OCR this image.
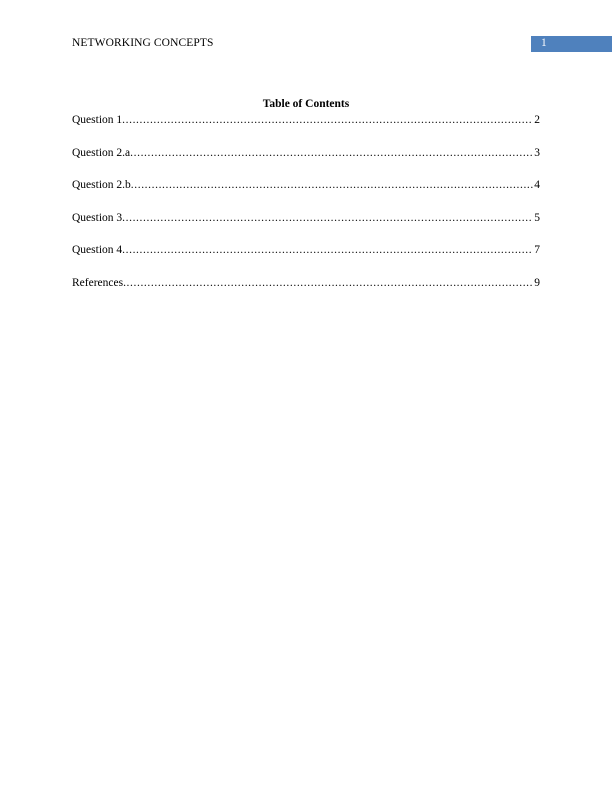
NETWORKING CONCEPTS	1
Table of Contents
Question 1 .....	2
Question 2.a .....	3
Question 2.b .....	4
Question 3 .....	5
Question 4 .....	7
References .....	9
